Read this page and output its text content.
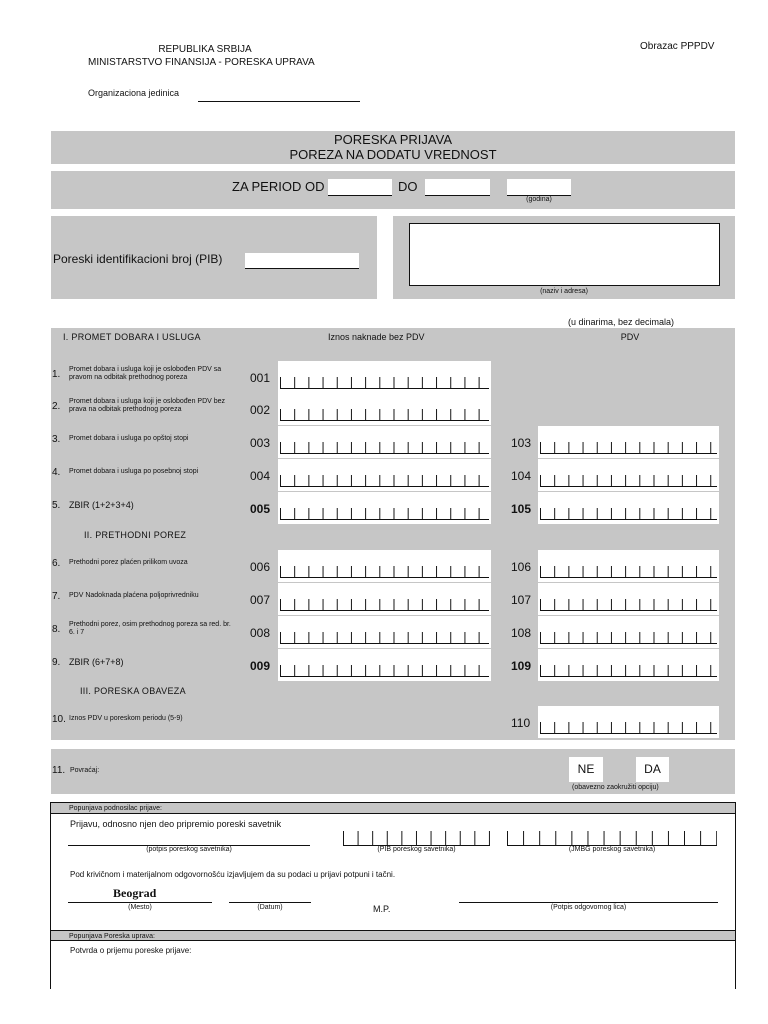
REPUBLIKA SRBIJA
MINISTARSTVO FINANSIJA - PORESKA UPRAVA
Obrazac PPPDV
Organizaciona jedinica
PORESKA PRIJAVA
POREZA NA DODATU VREDNOST
ZA PERIOD OD	DO
(godina)
Poreski identifikacioni broj (PIB)
(naziv i adresa)
(u dinarima, bez decimala)
I. PROMET DOBARA I USLUGA	Iznos naknade bez PDV	PDV
II. PRETHODNI POREZ
III. PORESKA OBAVEZA
1. Promet dobara i usluga koji je oslobođen PDV sa pravom na odbitak prethodnog poreza	001
2. Promet dobara i usluga koji je oslobođen PDV bez prava na odbitak prethodnog poreza	002
3. Promet dobara i usluga po opštoj stopi	003	103
4. Promet dobara i usluga po posebnoj stopi	004	104
5. ZBIR (1+2+3+4)	005	105
6. Prethodni porez plaćen prilikom uvoza	006	106
7. PDV Nadoknada plaćena poljoprivredniku	007	107
8. Prethodni porez, osim prethodnog poreza sa red. br. 6. i 7	008	108
9. ZBIR (6+7+8)	009	109
10. Iznos PDV u poreskom periodu (5-9)	110
11. Povraćaj:	NE	DA
(obavezno zaokružiti opciju)
Popunjava podnosilac prijave:
Prijavu, odnosno njen deo pripremio poreski savetnik
(potpis poreskog savetnika)	(PIB poreskog savetnika)	(JMBG poreskog savetnika)
Pod krivičnom i materijalnom odgovornošću izjavljujem da su podaci u prijavi potpuni i tačni.
Beograd
(Mesto)	(Datum)	M.P.	(Potpis odgovornog lica)
Popunjava Poreska uprava:
Potvrda o prijemu poreske prijave:
